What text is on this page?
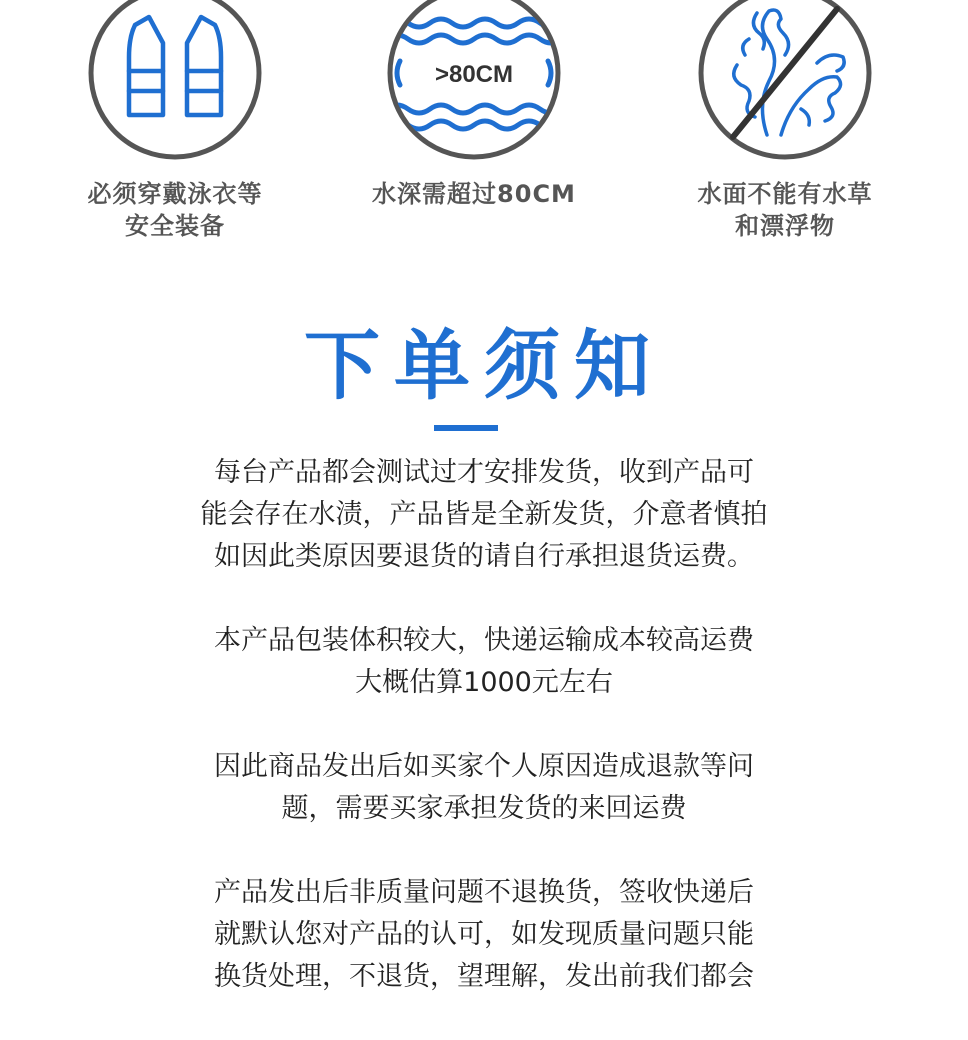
必须穿戴泳衣等
安全装备
>80CM
水深需超过80CM	水面不能有水草
和漂浮物
下单须知

每台产品都会测试过才安排发货，收到产品可
能会存在水渍，产品皆是全新发货，介意者慎拍
如因此类原因要退货的请自行承担退货运费。

本产品包装体积较大，快递运输成本较高运费
大概估算1000元左右

因此商品发出后如买家个人原因造成退款等问
题，需要买家承担发货的来回运费

产品发出后非质量问题不退换货，签收快递后
就默认您对产品的认可，如发现质量问题只能
换货处理，不退货，望理解，发出前我们都会
